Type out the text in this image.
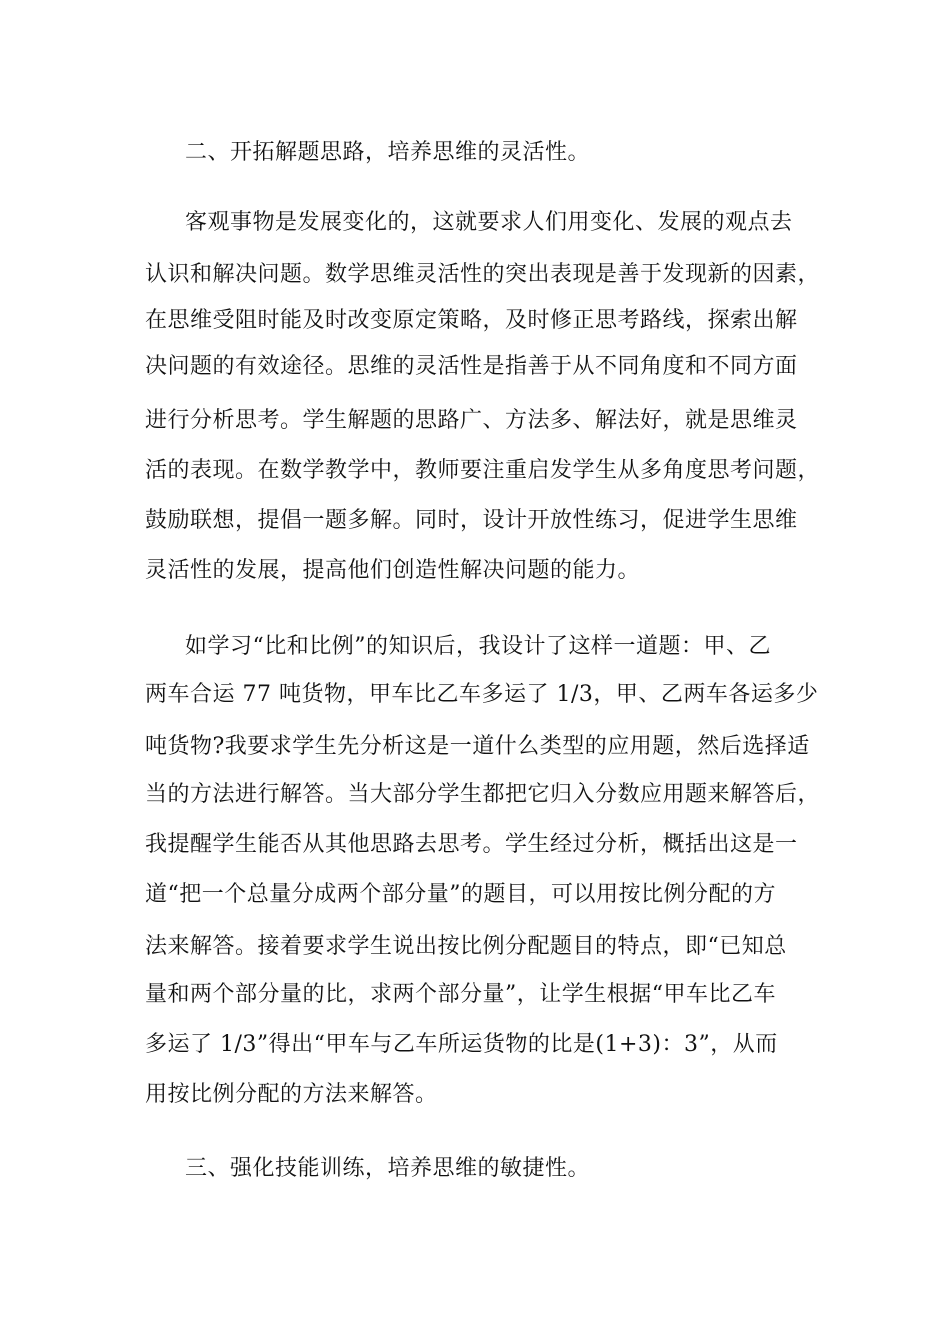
二、开拓解题思路，培养思维的灵活性。
客观事物是发展变化的，这就要求人们用变化、发展的观点去
认识和解决问题。数学思维灵活性的突出表现是善于发现新的因素，
在思维受阻时能及时改变原定策略，及时修正思考路线，探索出解
决问题的有效途径。思维的灵活性是指善于从不同角度和不同方面
进行分析思考。学生解题的思路广、方法多、解法好，就是思维灵
活的表现。在数学教学中，教师要注重启发学生从多角度思考问题，
鼓励联想，提倡一题多解。同时，设计开放性练习，促进学生思维
灵活性的发展，提高他们创造性解决问题的能力。
如学习“比和比例”的知识后，我设计了这样一道题：甲、乙
两车合运 77 吨货物，甲车比乙车多运了 1/3，甲、乙两车各运多少
吨货物?我要求学生先分析这是一道什么类型的应用题，然后选择适
当的方法进行解答。当大部分学生都把它归入分数应用题来解答后，
我提醒学生能否从其他思路去思考。学生经过分析，概括出这是一
道“把一个总量分成两个部分量”的题目，可以用按比例分配的方
法来解答。接着要求学生说出按比例分配题目的特点，即“已知总
量和两个部分量的比，求两个部分量”，让学生根据“甲车比乙车
多运了 1/3”得出“甲车与乙车所运货物的比是(1+3)：3”，从而
用按比例分配的方法来解答。
三、强化技能训练，培养思维的敏捷性。
